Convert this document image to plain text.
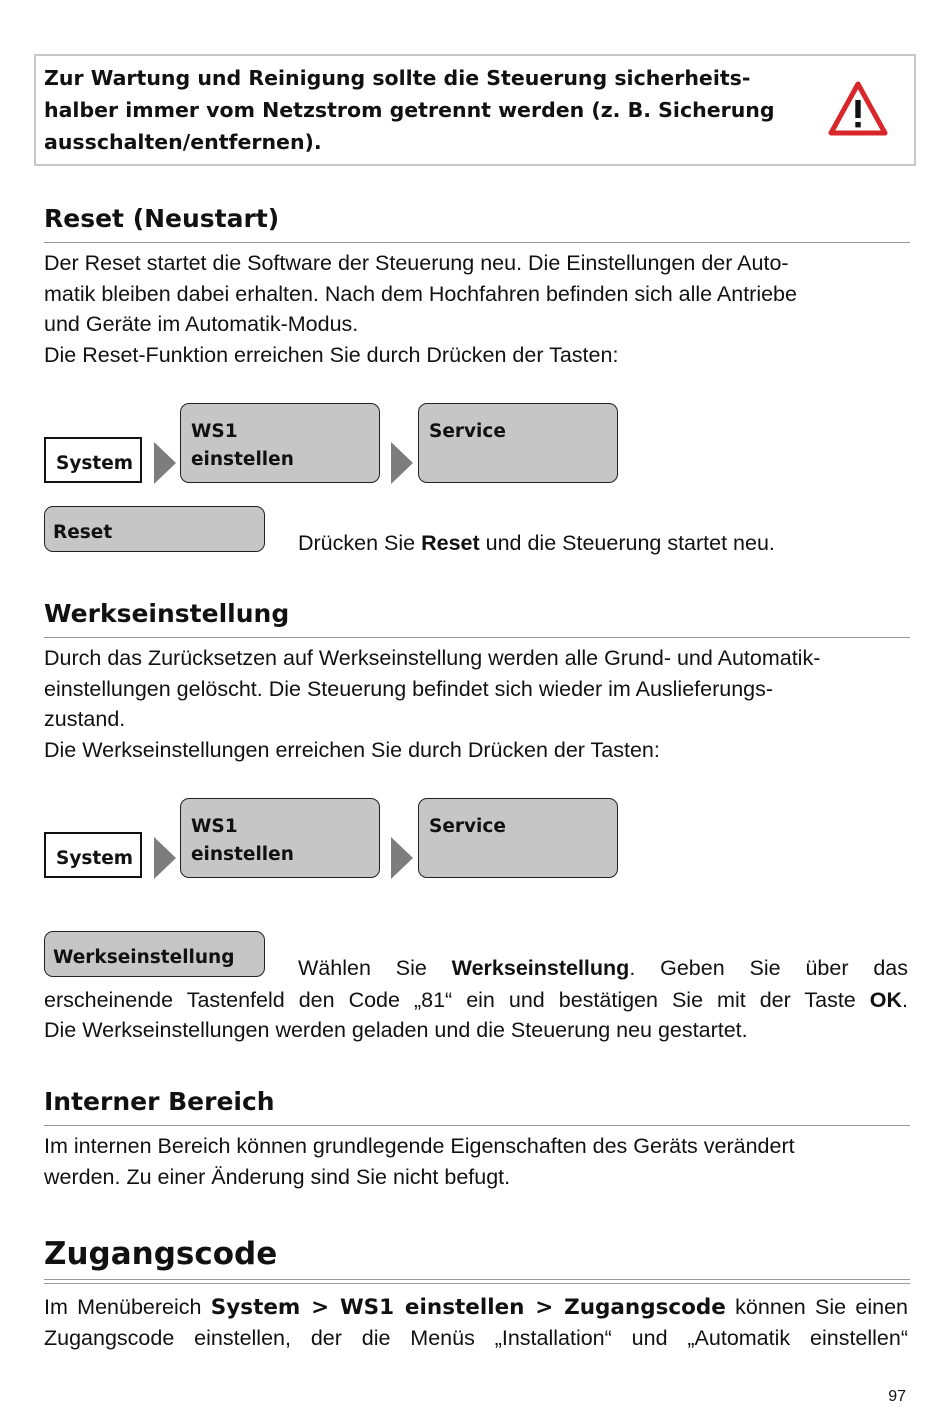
Zur Wartung und Reinigung sollte die Steuerung sicherheits-
halber immer vom Netzstrom getrennt werden (z. B. Sicherung
ausschalten/entfernen).
Reset (Neustart)

Der Reset startet die Software der Steuerung neu. Die Einstellungen der Auto-

matik bleiben dabei erhalten. Nach dem Hochfahren befinden sich alle Antriebe

und Geräte im Automatik-Modus.

Die Reset-Funktion erreichen Sie durch Drücken der Tasten:

System
WS1
einstellen
Service
Reset	Drücken Sie Reset und die Steuerung startet neu.
Werkseinstellung

Durch das Zurücksetzen auf Werkseinstellung werden alle Grund- und Automatik-

einstellungen gelöscht. Die Steuerung befindet sich wieder im Auslieferungs-

zustand.

Die Werkseinstellungen erreichen Sie durch Drücken der Tasten:

System
WS1
einstellen
Service
Werkseinstellung	Wählen Sie Werkseinstellung. Geben Sie über das
erscheinende Tastenfeld den Code „81“ ein und bestätigen Sie mit der Taste OK.
Die Werkseinstellungen werden geladen und die Steuerung neu gestartet.
Interner Bereich

Im internen Bereich können grundlegende Eigenschaften des Geräts verändert

werden. Zu einer Änderung sind Sie nicht befugt.

Zugangscode
Im Menübereich System > WS1 einstellen > Zugangscode können Sie einen
Zugangscode einstellen, der die Menüs „Installation“ und „Automatik einstellen“
97
